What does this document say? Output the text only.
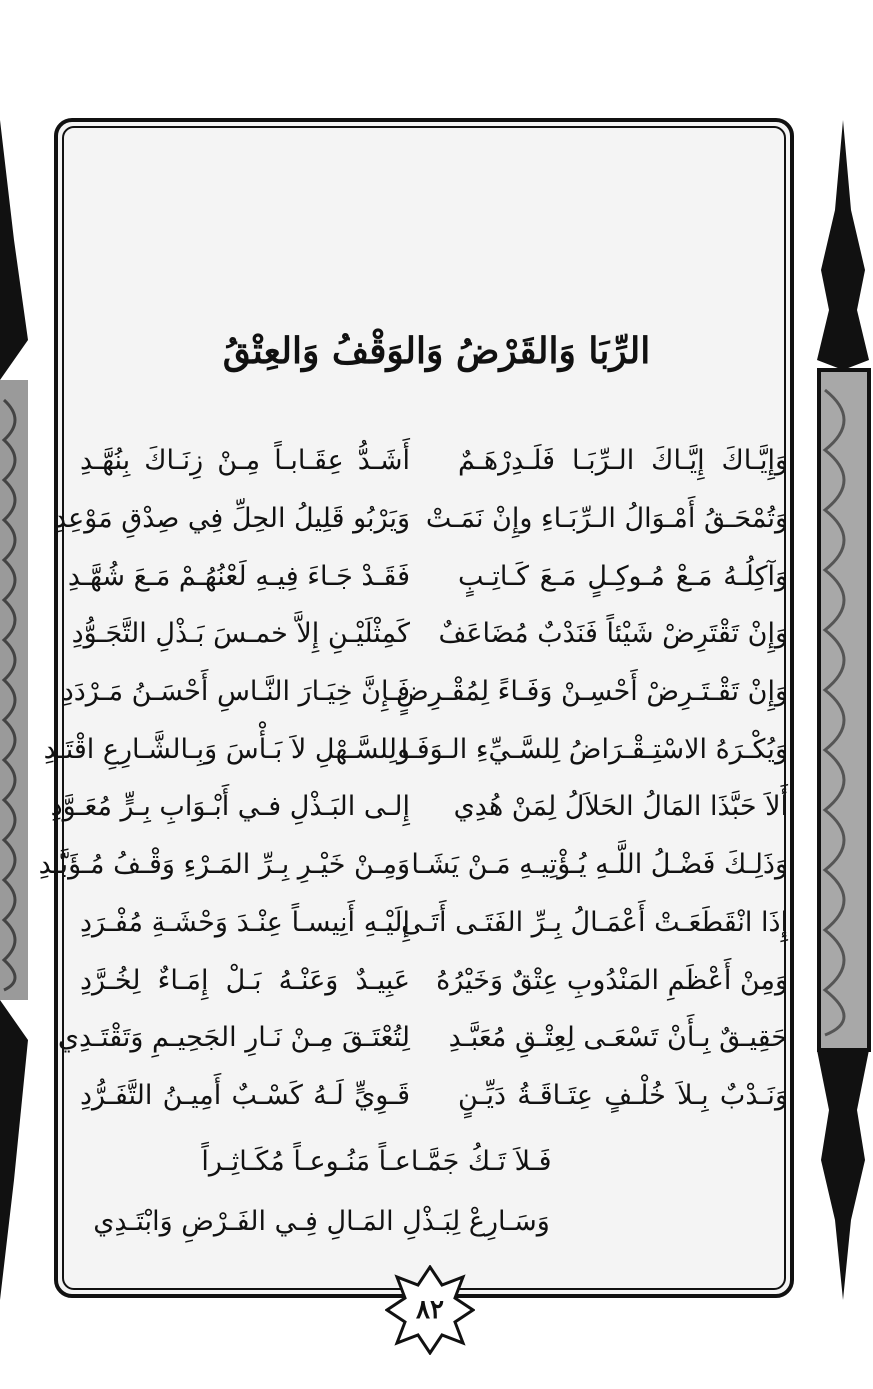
الرِّبَا وَالقَرْضُ وَالوَقْفُ وَالعِتْقُ
وَإِيَّـاكَ إِيَّـاكَ الـرِّبَـا فَلَـدِرْهَـمٌ
أَشَـدُّ عِقَـابـاً مِـنْ زِنَـاكَ بِنُهَّـدِ
وَتُمْحَـقُ أَمْـوَالُ الـرِّبَـاءِ وإِنْ نَمَـتْ
وَيَرْبُو قَلِيلُ الحِلِّ فِي صِدْقِ مَوْعِدِ
وَآكِلُـهُ مَـعْ مُـوكِـلٍ مَـعَ كَـاتِـبٍ
فَقَـدْ جَـاءَ فِيـهِ لَعْنُهُـمْ مَـعَ شُهَّـدِ
وَإِنْ تَقْتَرِضْ شَيْئاً فَنَدْبٌ مُضَاعَفٌ
كَمِثْلَيْـنِ إِلاَّ خمـسَ بَـذْلِ التَّجَـوُّدِ
وَإِنْ تَقْـتَـرِضْ أَحْسِـنْ وَفَـاءً لِمُقْـرِضٍ
فَـإِنَّ خِيَـارَ النَّـاسِ أَحْسَـنُ مَـرْدَدِ
وَيُكْـرَهُ الاسْتِـقْـرَاضُ لِلسَّـيِّءِ الـوَفَـا
ولِلسَّـهْلِ لاَ بَـأْسَ وَبِـالشَّـارِعِ اقْتَـدِ
أَلاَ حَبَّذَا المَالُ الحَلاَلُ لِمَنْ هُدِي
إِلـى البَـذْلِ فـي أَبْـوَابِ بِـرٍّ مُعَـوَّدِ
وَذَلِـكَ فَضْـلُ اللَّـهِ يُـؤْتِيـهِ مَـنْ يَشَـا
وَمِـنْ خَيْـرِ بِـرِّ المَـرْءِ وَقْـفُ مُـؤَبَّـدِ
إِذَا انْقَطَعَـتْ أَعْمَـالُ بِـرِّ الفَتَـى أَتَـى
إِلَيْـهِ أَنِيسـاً عِنْـدَ وَحْشَـةِ مُفْـرَدِ
وَمِنْ أَعْظَمِ المَنْدُوبِ عِتْقٌ وَخَيْرُهُ
عَبِيـدٌ وَعَنْـهُ بَـلْ إِمَـاءٌ لِخُـرَّدِ
حَقِيـقٌ بِـأَنْ تَسْعَـى لِعِتْـقِ مُعَبَّـدِ
لِتُعْتَـقَ مِـنْ نَـارِ الجَحِيـمِ وَتَقْتَـدِي
وَنَـدْبٌ بِـلاَ خُلْـفٍ عِتَـاقَـةُ دَيِّـنٍ
قَـوِيٍّ لَـهُ كَسْـبٌ أَمِيـنُ التَّفَـرُّدِ
فَـلاَ تَـكُ جَمَّـاعـاً مَنُـوعـاً مُكَـاثِـراً
وَسَـارِعْ لِبَـذْلِ المَـالِ فِـي الفَـرْضِ وَابْتَـدِي
٨٢
